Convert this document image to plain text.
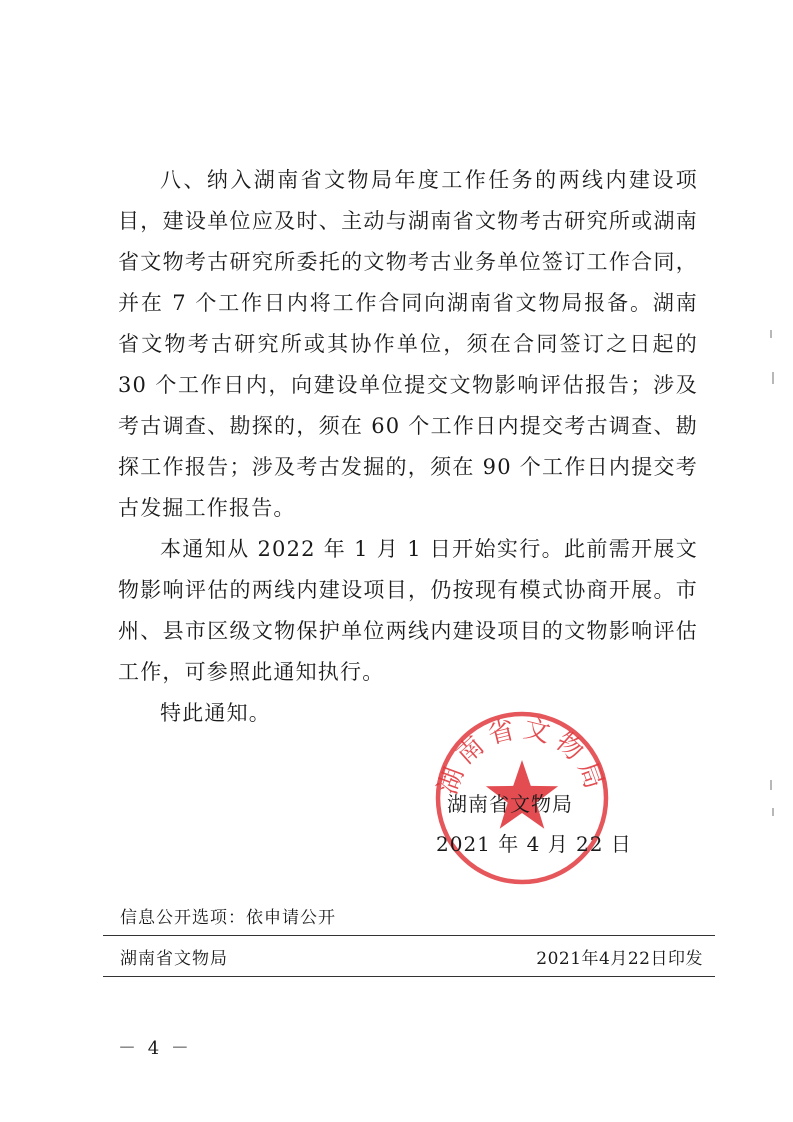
八、纳入湖南省文物局年度工作任务的两线内建设项目，建设单位应及时、主动与湖南省文物考古研究所或湖南省文物考古研究所委托的文物考古业务单位签订工作合同，并在 7 个工作日内将工作合同向湖南省文物局报备。湖南省文物考古研究所或其协作单位，须在合同签订之日起的 30 个工作日内，向建设单位提交文物影响评估报告；涉及考古调查、勘探的，须在 60 个工作日内提交考古调查、勘探工作报告；涉及考古发掘的，须在 90 个工作日内提交考古发掘工作报告。

本通知从 2022 年 1 月 1 日开始实行。此前需开展文物影响评估的两线内建设项目，仍按现有模式协商开展。市州、县市区级文物保护单位两线内建设项目的文物影响评估工作，可参照此通知执行。

特此通知。

湖南省文物局
湖南省文物局
2021 年 4 月 22 日
信息公开选项：依申请公开
湖南省文物局	2021年4月22日印发
－ 4 －
